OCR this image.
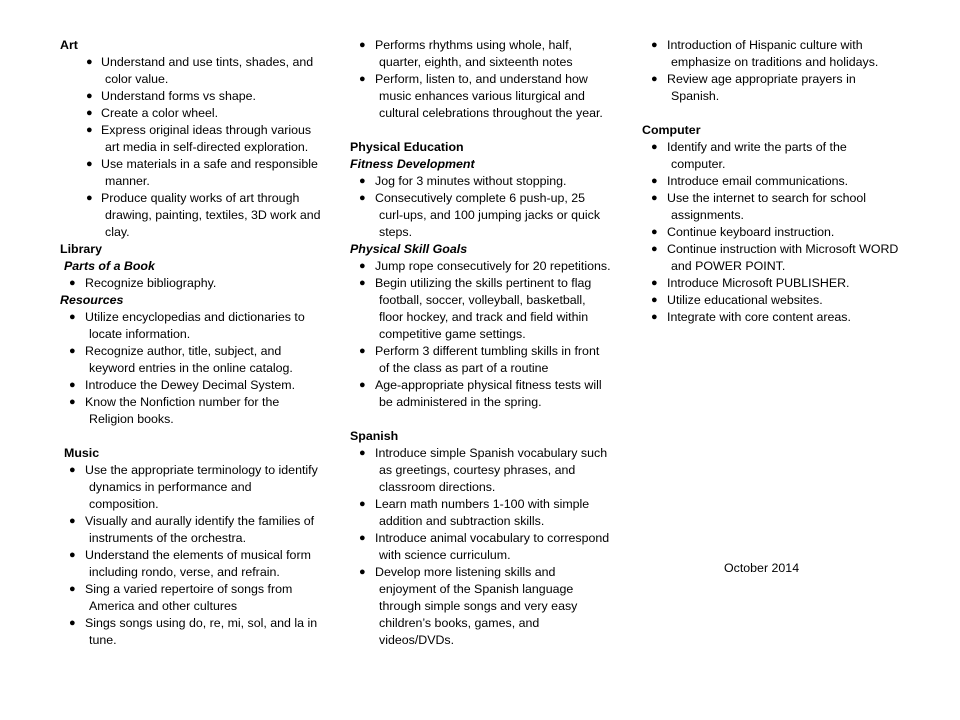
Art

● Understand and use tints, shades, and color value.
● Understand forms vs shape.
● Create a color wheel.
● Express original ideas through various art media in self-directed exploration.
● Use materials in a safe and responsible manner.
● Produce quality works of art through drawing, painting, textiles, 3D work and clay.

Library

Parts of a Book

● Recognize bibliography.

Resources

● Utilize encyclopedias and dictionaries to locate information.
● Recognize author, title, subject, and keyword entries in the online catalog.
● Introduce the Dewey Decimal System.
● Know the Nonfiction number for the Religion books.

Music

● Use the appropriate terminology to identify dynamics in performance and composition.
● Visually and aurally identify the families of instruments of the orchestra.
● Understand the elements of musical form including rondo, verse, and refrain.
● Sing a varied repertoire of songs from America and other cultures
● Sings songs using do, re, mi, sol, and la in tune.
● Performs rhythms using whole, half, quarter, eighth, and sixteenth notes
● Perform, listen to, and understand how music enhances various liturgical and cultural celebrations throughout the year.

Physical Education

Fitness Development

● Jog for 3 minutes without stopping.
● Consecutively complete 6 push-up, 25 curl-ups, and 100 jumping jacks or quick steps.

Physical Skill Goals

● Jump rope consecutively for 20 repetitions.
● Begin utilizing the skills pertinent to flag football, soccer, volleyball, basketball, floor hockey, and track and field within competitive game settings.
● Perform 3 different tumbling skills in front of the class as part of a routine
● Age-appropriate physical fitness tests will be administered in the spring.

Spanish

● Introduce simple Spanish vocabulary such as greetings, courtesy phrases, and classroom directions.
● Learn math numbers 1-100 with simple addition and subtraction skills.
● Introduce animal vocabulary to correspond with science curriculum.
● Develop more listening skills and enjoyment of the Spanish language through simple songs and very easy children’s books, games, and videos/DVDs.
● Introduction of Hispanic culture with emphasize on traditions and holidays.
● Review age appropriate prayers in Spanish.

Computer

● Identify and write the parts of the computer.
● Introduce email communications.
● Use the internet to search for school assignments.
● Continue keyboard instruction.
● Continue instruction with Microsoft WORD and POWER POINT.
● Introduce Microsoft PUBLISHER.
● Utilize educational websites.
● Integrate with core content areas.

October 2014
